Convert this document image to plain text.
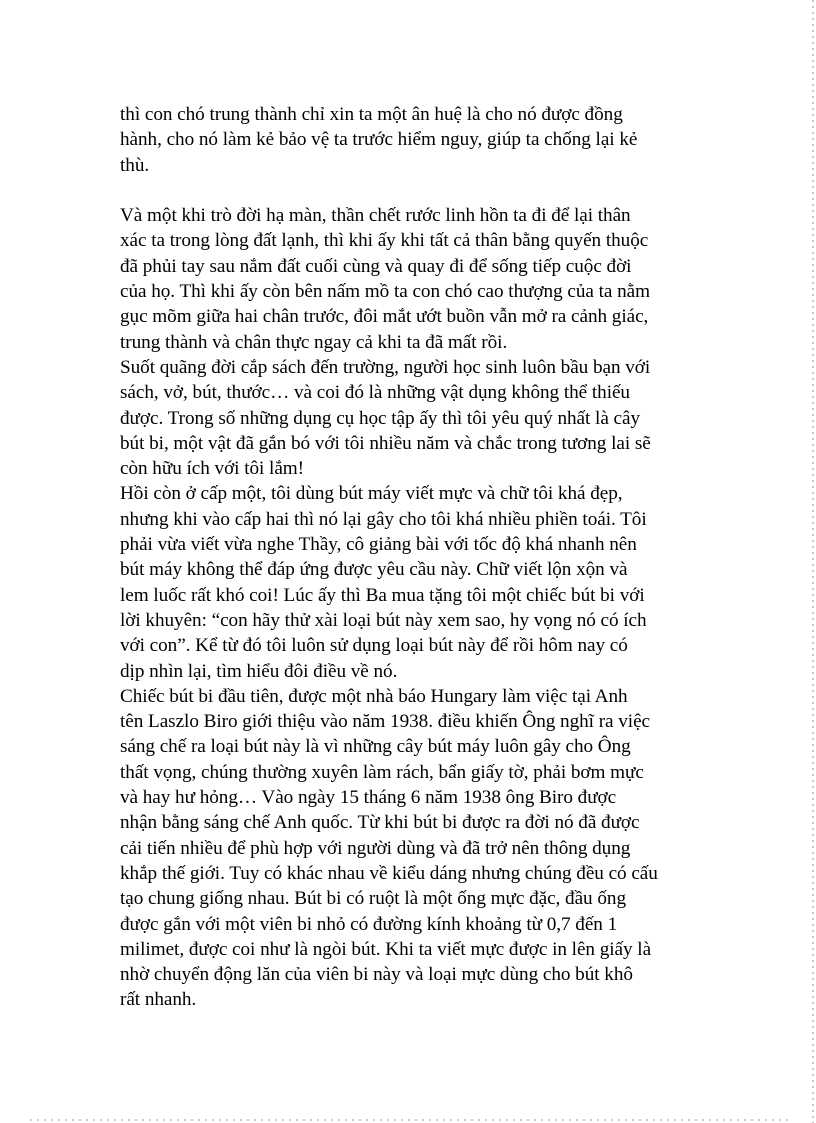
thì con chó trung thành chỉ xin ta một ân huệ là cho nó được đồng
hành, cho nó làm kẻ bảo vệ ta trước hiểm nguy, giúp ta chống lại kẻ
thù.

Và một khi trò đời hạ màn, thần chết rước linh hồn ta đi để lại thân
xác ta trong lòng đất lạnh, thì khi ấy khi tất cả thân bằng quyến thuộc
đã phủi tay sau nắm đất cuối cùng và quay đi để sống tiếp cuộc đời
của họ. Thì khi ấy còn bên nấm mồ ta con chó cao thượng của ta nằm
gục mõm giữa hai chân trước, đôi mắt ướt buồn vẫn mở ra cảnh giác,
trung thành và chân thực ngay cả khi ta đã mất rồi.

Suốt quãng đời cắp sách đến trường, người học sinh luôn bầu bạn với
sách, vở, bút, thước… và coi đó là những vật dụng không thể thiếu
được. Trong số những dụng cụ học tập ấy thì tôi yêu quý nhất là cây
bút bi, một vật đã gắn bó với tôi nhiều năm và chắc trong tương lai sẽ
còn hữu ích với tôi lắm!

Hồi còn ở cấp một, tôi dùng bút máy viết mực và chữ tôi khá đẹp,
nhưng khi vào cấp hai thì nó lại gây cho tôi khá nhiều phiền toái. Tôi
phải vừa viết vừa nghe Thầy, cô giảng bài với tốc độ khá nhanh nên
bút máy không thể đáp ứng được yêu cầu này. Chữ viết lộn xộn và
lem luốc rất khó coi! Lúc ấy thì Ba mua tặng tôi một chiếc bút bi với
lời khuyên: “con hãy thử xài loại bút này xem sao, hy vọng nó có ích
với con”. Kể từ đó tôi luôn sử dụng loại bút này để rồi hôm nay có
dịp nhìn lại, tìm hiểu đôi điều về nó.

Chiếc bút bi đầu tiên, được một nhà báo Hungary làm việc tại Anh
tên Laszlo Biro giới thiệu vào năm 1938. điều khiến Ông nghĩ ra việc
sáng chế ra loại bút này là vì những cây bút máy luôn gây cho Ông
thất vọng, chúng thường xuyên làm rách, bẩn giấy tờ, phải bơm mực
và hay hư hỏng… Vào ngày 15 tháng 6 năm 1938 ông Biro được
nhận bằng sáng chế Anh quốc. Từ khi bút bi được ra đời nó đã được
cải tiến nhiều để phù hợp với người dùng và đã trở nên thông dụng
khắp thế giới. Tuy có khác nhau về kiểu dáng nhưng chúng đều có cấu
tạo chung giống nhau. Bút bi có ruột là một ống mực đặc, đầu ống
được gắn với một viên bi nhỏ có đường kính khoảng từ 0,7 đến 1
milimet, được coi như là ngòi bút. Khi ta viết mực được in lên giấy là
nhờ chuyển động lăn của viên bi này và loại mực dùng cho bút khô
rất nhanh.
